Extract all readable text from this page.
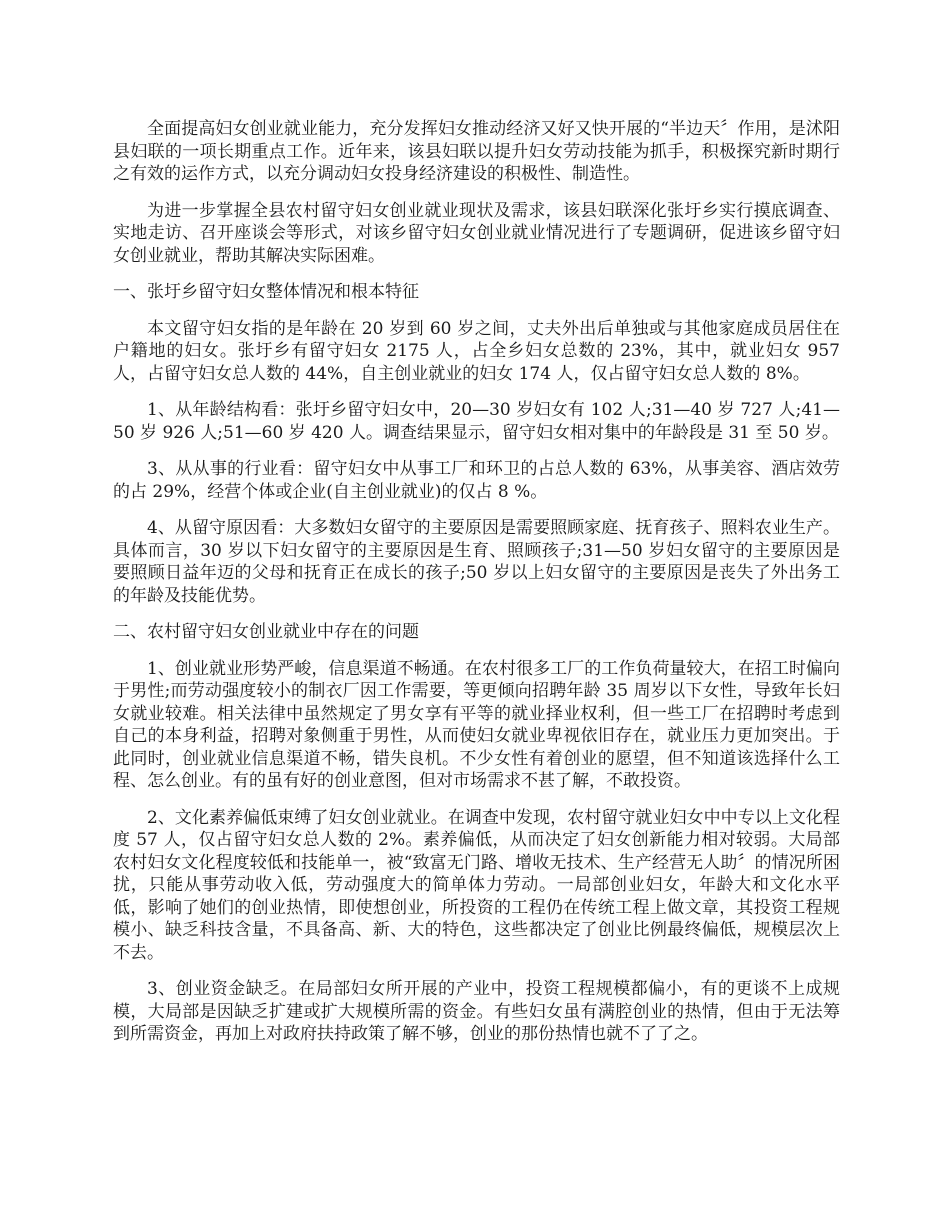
全面提高妇女创业就业能力，充分发挥妇女推动经济又好又快开展的“半边天〞作用，是沭阳县妇联的一项长期重点工作。近年来，该县妇联以提升妇女劳动技能为抓手，积极探究新时期行之有效的运作方式，以充分调动妇女投身经济建设的积极性、制造性。

为进一步掌握全县农村留守妇女创业就业现状及需求，该县妇联深化张圩乡实行摸底调查、实地走访、召开座谈会等形式，对该乡留守妇女创业就业情况进行了专题调研，促进该乡留守妇女创业就业，帮助其解决实际困难。

一、张圩乡留守妇女整体情况和根本特征

本文留守妇女指的是年龄在 20 岁到 60 岁之间，丈夫外出后单独或与其他家庭成员居住在户籍地的妇女。张圩乡有留守妇女 2175 人，占全乡妇女总数的 23%，其中，就业妇女 957 人，占留守妇女总人数的 44%，自主创业就业的妇女 174 人，仅占留守妇女总人数的 8%。

1、从年龄结构看：张圩乡留守妇女中，20—30 岁妇女有 102 人;31—40 岁 727 人;41—50 岁 926 人;51—60 岁 420 人。调查结果显示，留守妇女相对集中的年龄段是 31 至 50 岁。

3、从从事的行业看：留守妇女中从事工厂和环卫的占总人数的 63%，从事美容、酒店效劳的占 29%，经营个体或企业(自主创业就业)的仅占 8 %。

4、从留守原因看：大多数妇女留守的主要原因是需要照顾家庭、抚育孩子、照料农业生产。具体而言，30 岁以下妇女留守的主要原因是生育、照顾孩子;31—50 岁妇女留守的主要原因是要照顾日益年迈的父母和抚育正在成长的孩子;50 岁以上妇女留守的主要原因是丧失了外出务工的年龄及技能优势。

二、农村留守妇女创业就业中存在的问题

1、创业就业形势严峻，信息渠道不畅通。在农村很多工厂的工作负荷量较大，在招工时偏向于男性;而劳动强度较小的制衣厂因工作需要，等更倾向招聘年龄 35 周岁以下女性，导致年长妇女就业较难。相关法律中虽然规定了男女享有平等的就业择业权利，但一些工厂在招聘时考虑到自己的本身利益，招聘对象侧重于男性，从而使妇女就业卑视依旧存在，就业压力更加突出。于此同时，创业就业信息渠道不畅，错失良机。不少女性有着创业的愿望，但不知道该选择什么工程、怎么创业。有的虽有好的创业意图，但对市场需求不甚了解，不敢投资。

2、文化素养偏低束缚了妇女创业就业。在调查中发现，农村留守就业妇女中中专以上文化程度 57 人，仅占留守妇女总人数的 2%。素养偏低，从而决定了妇女创新能力相对较弱。大局部农村妇女文化程度较低和技能单一，被“致富无门路、增收无技术、生产经营无人助〞的情况所困扰，只能从事劳动收入低，劳动强度大的简单体力劳动。一局部创业妇女，年龄大和文化水平低，影响了她们的创业热情，即使想创业，所投资的工程仍在传统工程上做文章，其投资工程规模小、缺乏科技含量，不具备高、新、大的特色，这些都决定了创业比例最终偏低，规模层次上不去。

3、创业资金缺乏。在局部妇女所开展的产业中，投资工程规模都偏小，有的更谈不上成规模，大局部是因缺乏扩建或扩大规模所需的资金。有些妇女虽有满腔创业的热情，但由于无法筹到所需资金，再加上对政府扶持政策了解不够，创业的那份热情也就不了了之。
